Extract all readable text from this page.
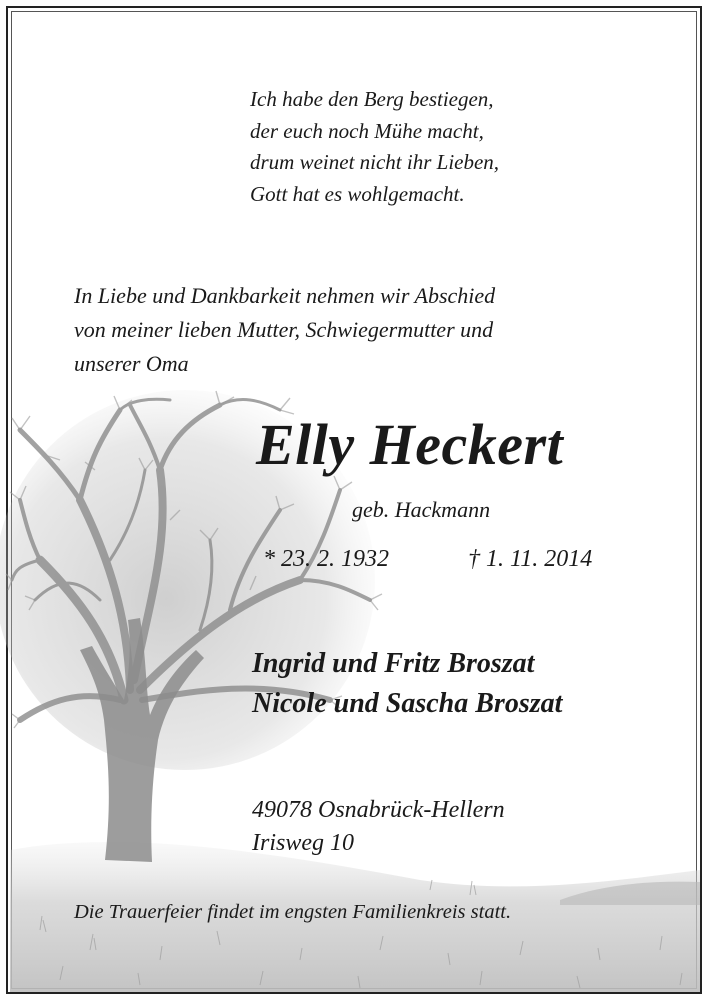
Ich habe den Berg bestiegen,
der euch noch Mühe macht,
drum weinet nicht ihr Lieben,
Gott hat es wohlgemacht.
In Liebe und Dankbarkeit nehmen wir Abschied
von meiner lieben Mutter, Schwiegermutter und
unserer Oma
Elly Heckert
geb. Hackmann
* 23. 2. 1932	† 1. 11. 2014
Ingrid und Fritz Broszat
Nicole und Sascha Broszat
49078 Osnabrück-Hellern
Irisweg 10
Die Trauerfeier findet im engsten Familienkreis statt.
